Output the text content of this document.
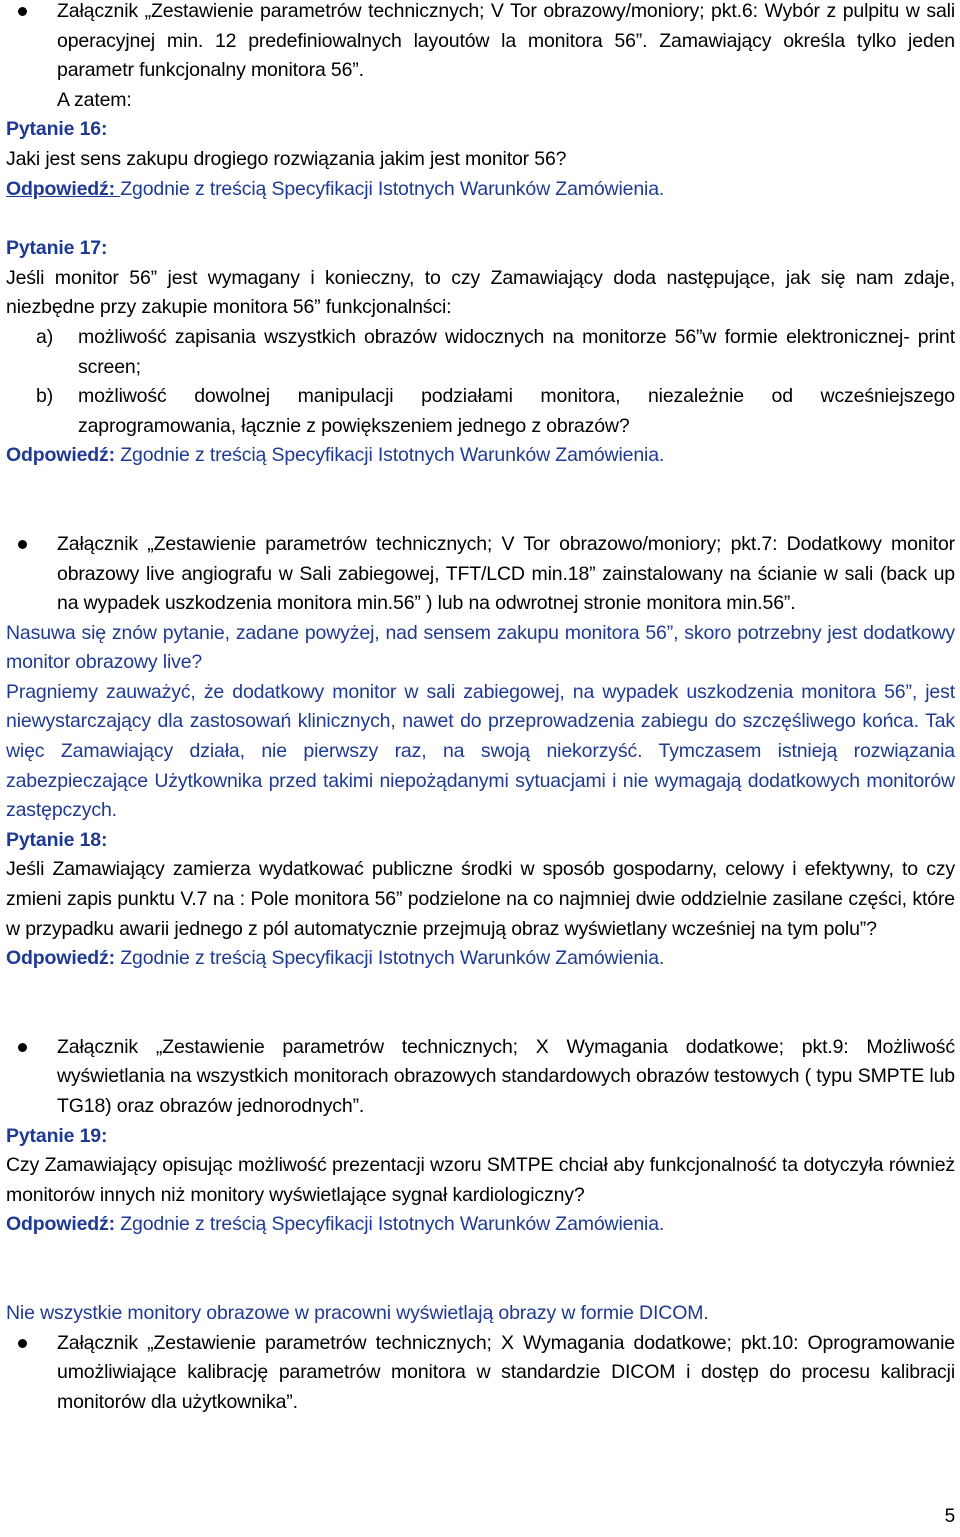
Załącznik „Zestawienie parametrów technicznych; V Tor obrazowy/moniory; pkt.6: Wybór z pulpitu w sali operacyjnej min. 12 predefiniowalnych layoutów la monitora 56”. Zamawiający określa tylko jeden parametr funkcjonalny monitora 56”.

A zatem:

Pytanie 16:

Jaki jest sens zakupu drogiego rozwiązania jakim jest monitor 56?

Odpowiedź: Zgodnie z treścią Specyfikacji Istotnych Warunków Zamówienia.

Pytanie 17:

Jeśli monitor 56” jest wymagany i konieczny, to czy Zamawiający doda następujące, jak się nam zdaje, niezbędne przy zakupie monitora 56” funkcjonalnści:

a) możliwość zapisania wszystkich obrazów widocznych na monitorze 56”w formie elektronicznej- print screen;

b) możliwość dowolnej manipulacji podziałami monitora, niezależnie od wcześniejszego zaprogramowania, łącznie z powiększeniem jednego z obrazów?

Odpowiedź: Zgodnie z treścią Specyfikacji Istotnych Warunków Zamówienia.

Załącznik „Zestawienie parametrów technicznych; V Tor obrazowo/moniory; pkt.7: Dodatkowy monitor obrazowy live angiografu w Sali zabiegowej, TFT/LCD min.18” zainstalowany na ścianie w sali (back up na wypadek uszkodzenia monitora min.56” ) lub na odwrotnej stronie monitora min.56”.

Nasuwa się znów pytanie, zadane powyżej, nad sensem zakupu monitora 56”, skoro potrzebny jest dodatkowy monitor obrazowy live?

Pragniemy zauważyć, że dodatkowy monitor w sali zabiegowej, na wypadek uszkodzenia monitora 56”, jest niewystarczający dla zastosowań klinicznych, nawet do przeprowadzenia zabiegu do szczęśliwego końca. Tak więc Zamawiający działa, nie pierwszy raz, na swoją niekorzyść. Tymczasem istnieją rozwiązania zabezpieczające Użytkownika przed takimi niepożądanymi sytuacjami i nie wymagają dodatkowych monitorów zastępczych.

Pytanie 18:

Jeśli Zamawiający zamierza wydatkować publiczne środki w sposób gospodarny, celowy i efektywny, to czy zmieni zapis punktu V.7 na : Pole monitora 56” podzielone na co najmniej dwie oddzielnie zasilane części, które w przypadku awarii jednego z pól automatycznie przejmują obraz wyświetlany wcześniej na tym polu”?

Odpowiedź: Zgodnie z treścią Specyfikacji Istotnych Warunków Zamówienia.

Załącznik „Zestawienie parametrów technicznych; X Wymagania dodatkowe; pkt.9: Możliwość wyświetlania na wszystkich monitorach obrazowych standardowych obrazów testowych ( typu SMPTE lub TG18) oraz obrazów jednorodnych”.

Pytanie 19:

Czy Zamawiający opisując możliwość prezentacji wzoru SMTPE chciał aby funkcjonalność ta dotyczyła również monitorów innych niż monitory wyświetlające sygnał kardiologiczny?

Odpowiedź: Zgodnie z treścią Specyfikacji Istotnych Warunków Zamówienia.

Nie wszystkie monitory obrazowe w pracowni wyświetlają obrazy w formie DICOM.

Załącznik „Zestawienie parametrów technicznych; X Wymagania dodatkowe; pkt.10: Oprogramowanie umożliwiające kalibrację parametrów monitora w standardzie DICOM i dostęp do procesu kalibracji monitorów dla użytkownika”.

5
